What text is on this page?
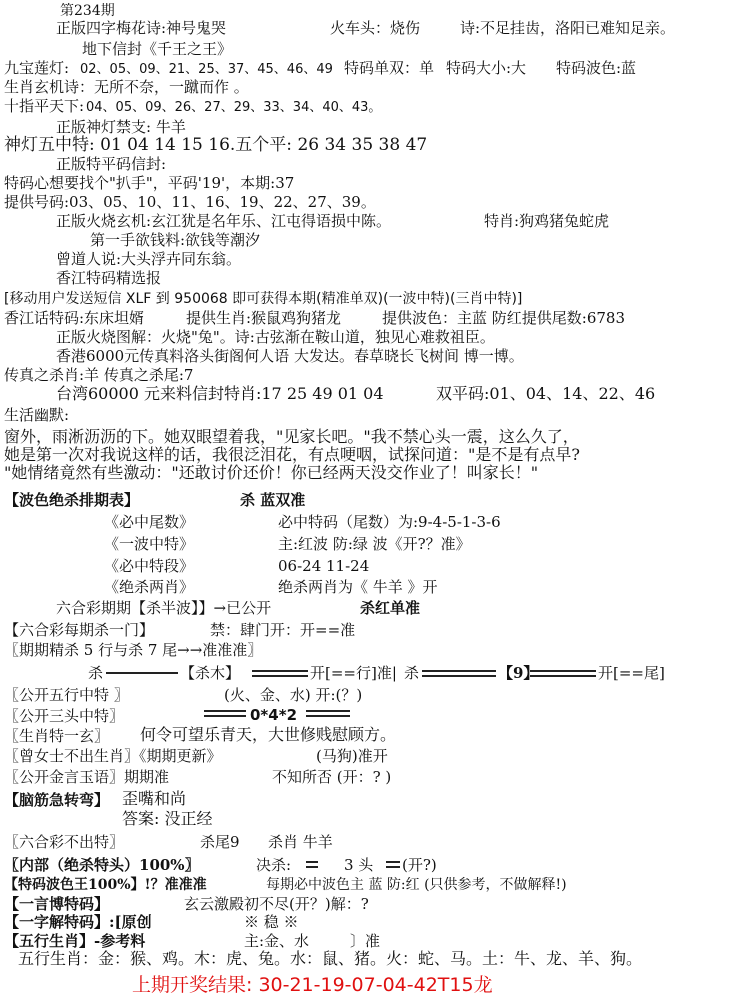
第234期
正版四字梅花诗:神号鬼哭	火车头：烧伤	诗:不足挂齿，洛阳已难知足亲。
地下信封《千王之王》
九宝莲灯: 02、05、09、21、25、37、45、46、49 特码单双：单 特码大小:大 特码波色:蓝
生肖玄机诗：无所不奈，一蹴而作 。
十指平天下: 04、05、09、26、27、29、33、34、40、43。
正版神灯禁支: 牛羊
神灯五中特: 01 04 14 15 16.五个平: 26 34 35 38 47
正版特平码信封:
特码心想要找个"扒手"，平码'19'，本期:37
提供号码:03、05、10、11、16、19、22、27、39。
正版火烧玄机:玄江犹是名年乐、江屯得语损中陈。	特肖:狗鸡猪兔蛇虎
第一手欲钱料:欲钱等潮汐
曾道人说:大头浮卉同东翁。
香江特码精选报
[移动用户发送短信 XLF 到 950068 即可获得本期(精准单双)(一波中特)(三肖中特)]
香江话特码:东床坦婿	提供生肖:猴鼠鸡狗猪龙	提供波色：主蓝 防红提供尾数:6783
正版火烧图解：火烧"兔"。诗:古弦渐在鞍山道，独见心难救祖臣。
香港6000元传真料洛头街阁何人语 大发达。春草晓长飞树间 博一博。
传真之杀肖:羊 传真之杀尾:7
台湾60000 元来料信封特肖:17 25 49 01 04	双平码:01、04、14、22、46
生活幽默:
窗外，雨淅沥沥的下。她双眼望着我，"见家长吧。"我不禁心头一震，这么久了，
她是第一次对我说这样的话，我很泛泪花，有点哽咽，试探问道："是不是有点早?
"她情绪竟然有些激动："还敢讨价还价！你已经两天没交作业了！叫家长！"
【波色绝杀排期表】	杀 蓝双准
《必中尾数》	必中特码（尾数）为:9-4-5-1-3-6
《一波中特》	主:红波 防:绿 波《开?？准》
《必中特段》	06-24 11-24
《绝杀两肖》	绝杀两肖为《 牛羊 》开
六合彩期期【杀半波】】→已公开	杀红单准
【六合彩每期杀一门】	禁：肆门开：开==准
〖期期精杀 5 行与杀 7 尾→→准准准〗
杀	【杀木】	开[==行]准| 杀	【9】	开[==尾]
〖公开五行中特 〗	(火、金、水) 开:(？)
〖公开三头中特〗	0*4*2
〖生肖特一玄〗 何令可望乐青天，大世修贱慰顾方。
〖曾女士不出生肖〗《期期更新》	(马狗)准开
〖公开金言玉语〗期期准	不知所否 (开：? )
【脑筋急转弯】 歪嘴和尚
答案: 没正经
〖六合彩不出特〗	杀尾9 杀肖 牛羊
〖内部（绝杀特头）100%〗	决杀:	3 头 (开?)
【特码波色王100%】!？准准准	每期必中波色主 蓝 防:红 (只供参考，不做解释!)
【一言博特码】	玄云激殿初不尽(开？)解：?
【一字解特码】:[原创	※ 稳 ※
【五行生肖】-参考料	主:金、水	〕准
五行生肖：金：猴、鸡。木：虎、兔。水：鼠、猪。火：蛇、马。土：牛、龙、羊、狗。
上期开奖结果: 30-21-19-07-04-42T15龙
